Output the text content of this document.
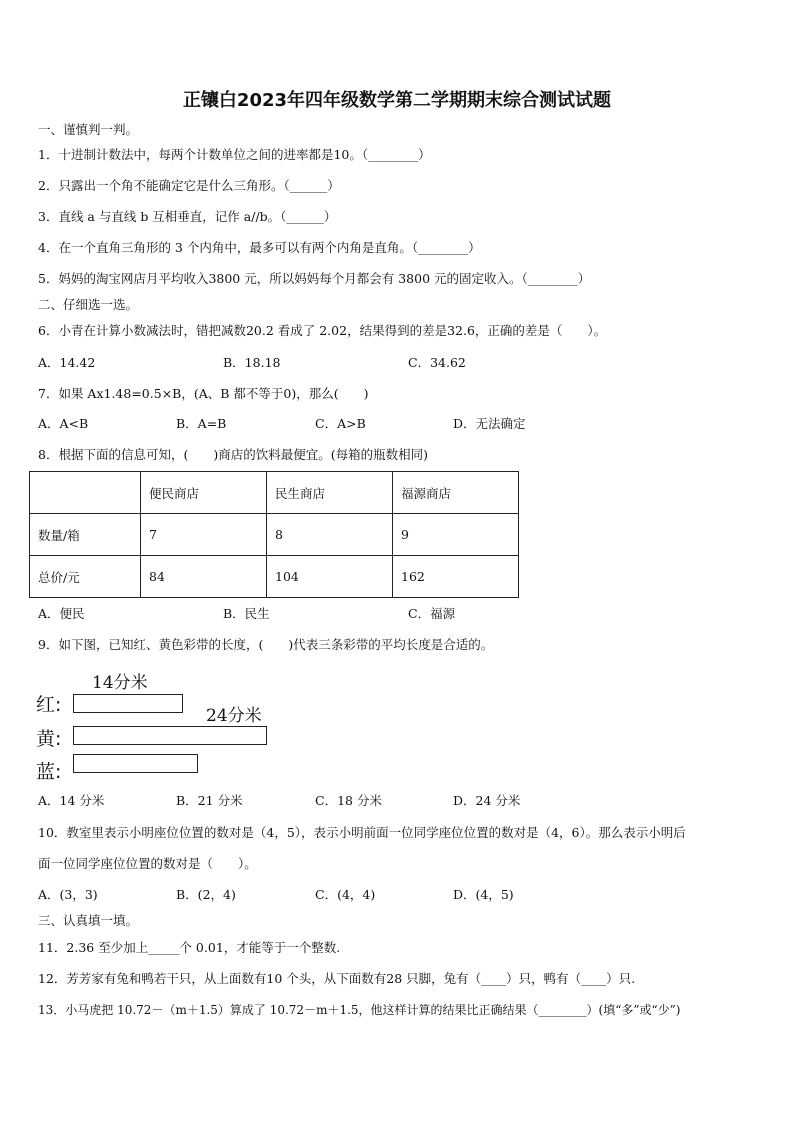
正镶白2023年四年级数学第二学期期末综合测试试题
一、谨慎判一判。
1．十进制计数法中，每两个计数单位之间的进率都是10。（________）
2．只露出一个角不能确定它是什么三角形。（______）
3．直线 a 与直线 b 互相垂直，记作 a//b。（______）
4．在一个直角三角形的 3 个内角中，最多可以有两个内角是直角。（________）
5．妈妈的淘宝网店月平均收入3800 元，所以妈妈每个月都会有 3800 元的固定收入。（________）
二、仔细选一选。
6．小青在计算小数减法时，错把减数20.2 看成了 2.02，结果得到的差是32.6，正确的差是（　　）。
A．14.42	B．18.18	C．34.62
7．如果 Ax1.48=0.5×B，(A、B 都不等于0)，那么(　　)
A．A<B	B．A=B	C．A>B	D．无法确定
8．根据下面的信息可知，(　　)商店的饮料最便宜。(每箱的瓶数相同)
	便民商店	民生商店	福源商店
数量/箱	7	8	9
总价/元	84	104	162
A．便民	B．民生	C．福源
9．如下图，已知红、黄色彩带的长度，(　　)代表三条彩带的平均长度是合适的。
14分米
24分米
红:
黄:
蓝:
A．14 分米	B．21 分米	C．18 分米	D．24 分米
10．教室里表示小明座位位置的数对是（4，5），表示小明前面一位同学座位位置的数对是（4，6）。那么表示小明后
面一位同学座位位置的数对是（　　）。
A．(3，3)	B．(2，4)	C．(4，4)	D．(4，5)
三、认真填一填。
11．2.36 至少加上_____个 0.01，才能等于一个整数.
12．芳芳家有兔和鸭若干只，从上面数有10 个头，从下面数有28 只脚，兔有（____）只，鸭有（____）只.
13．小马虎把 10.72－（m＋1.5）算成了 10.72－m＋1.5，他这样计算的结果比正确结果（________）(填“多”或“少”)
